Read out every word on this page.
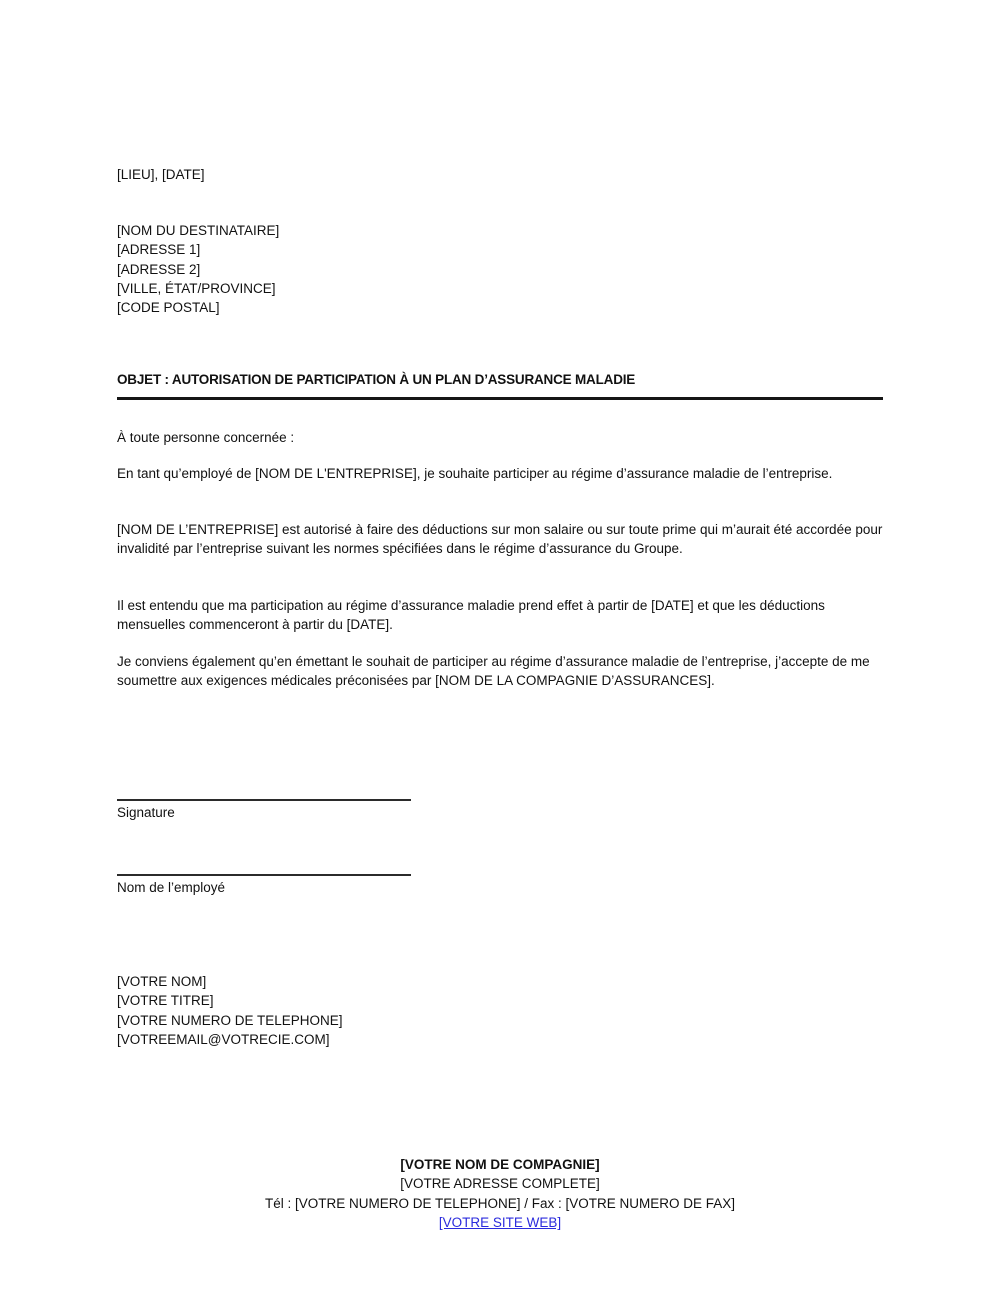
[LIEU], [DATE]
[NOM DU DESTINATAIRE]
[ADRESSE 1]
[ADRESSE 2]
[VILLE, ÉTAT/PROVINCE]
[CODE POSTAL]
OBJET : AUTORISATION DE PARTICIPATION À UN PLAN D’ASSURANCE MALADIE
À toute personne concernée :
En tant qu’employé de [NOM DE L'ENTREPRISE], je souhaite participer au régime d’assurance maladie de l’entreprise.
[NOM DE L’ENTREPRISE] est autorisé à faire des déductions sur mon salaire ou sur toute prime qui m’aurait été accordée pour invalidité par l’entreprise suivant les normes spécifiées dans le régime d’assurance du Groupe.
Il est entendu que ma participation au régime d’assurance maladie prend effet à partir de [DATE] et que les déductions mensuelles commenceront à partir du [DATE].
Je conviens également qu’en émettant le souhait de participer au régime d’assurance maladie de l’entreprise, j’accepte de me soumettre aux exigences médicales préconisées par [NOM DE LA COMPAGNIE D’ASSURANCES].
Signature
Nom de l’employé
[VOTRE NOM]
[VOTRE TITRE]
[VOTRE NUMERO DE TELEPHONE]
[VOTREEMAIL@VOTRECIE.COM]
[VOTRE NOM DE COMPAGNIE]
[VOTRE ADRESSE COMPLETE]
Tél : [VOTRE NUMERO DE TELEPHONE] / Fax : [VOTRE NUMERO DE FAX]
[VOTRE SITE WEB]
